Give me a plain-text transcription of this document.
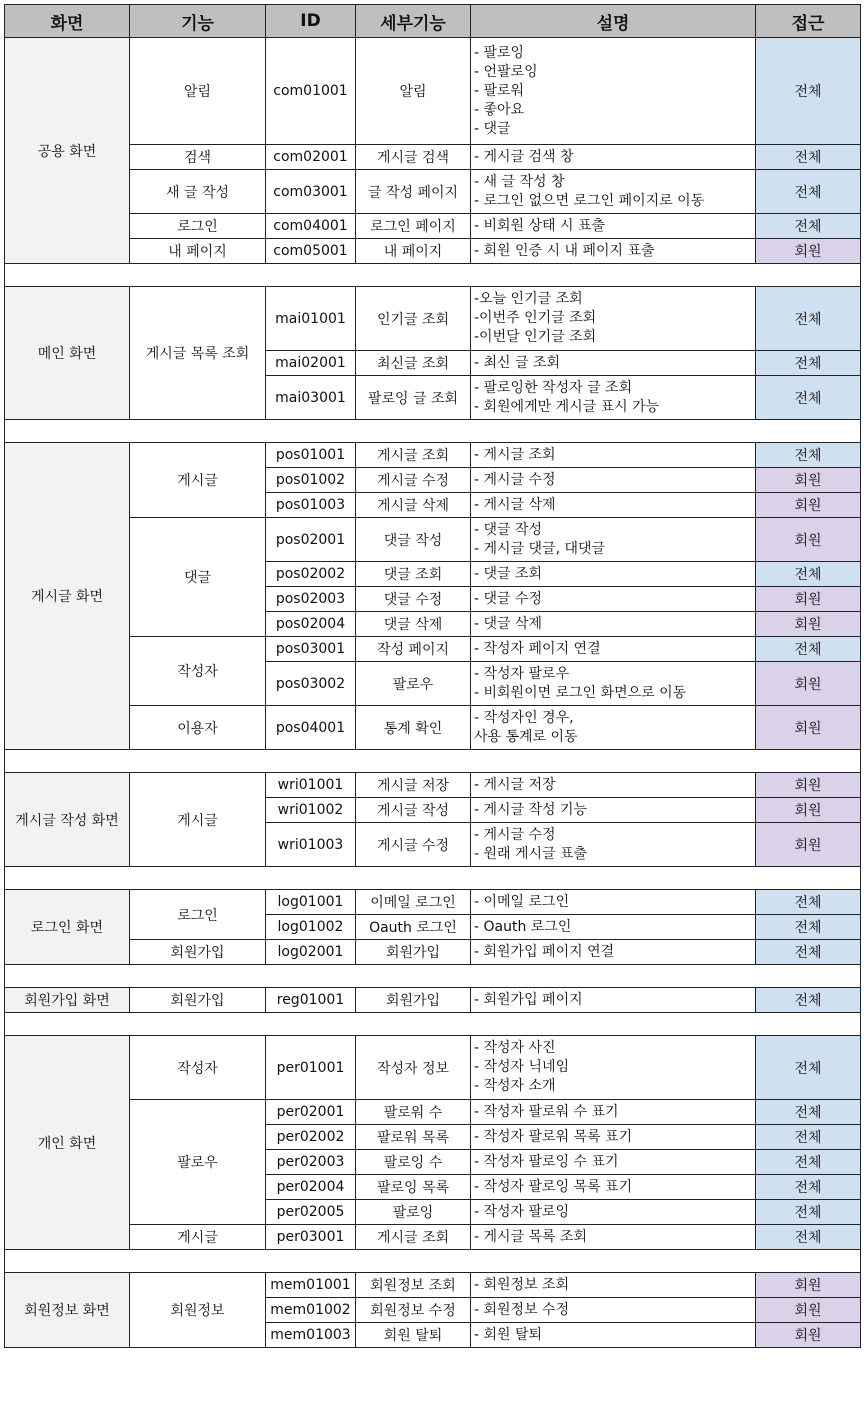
화면	기능	ID	세부기능	설명	접근
공용 화면	알림	com01001	알림	- 팔로잉
- 언팔로잉
- 팔로워
- 좋아요
- 댓글	전체
	검색	com02001	게시글 검색	- 게시글 검색 창	전체
	새 글 작성	com03001	글 작성 페이지	- 새 글 작성 창
- 로그인 없으면 로그인 페이지로 이동	전체
	로그인	com04001	로그인 페이지	- 비회원 상태 시 표출	전체
	내 페이지	com05001	내 페이지	- 회원 인증 시 내 페이지 표출	회원

메인 화면	게시글 목록 조회	mai01001	인기글 조회	-오늘 인기글 조회
-이번주 인기글 조회
-이번달 인기글 조회	전체
		mai02001	최신글 조회	- 최신 글 조회	전체
		mai03001	팔로잉 글 조회	- 팔로잉한 작성자 글 조회
- 회원에게만 게시글 표시 가능	전체

게시글 화면	게시글	pos01001	게시글 조회	- 게시글 조회	전체
		pos01002	게시글 수정	- 게시글 수정	회원
		pos01003	게시글 삭제	- 게시글 삭제	회원
	댓글	pos02001	댓글 작성	- 댓글 작성
- 게시글 댓글, 대댓글	회원
		pos02002	댓글 조회	- 댓글 조회	전체
		pos02003	댓글 수정	- 댓글 수정	회원
		pos02004	댓글 삭제	- 댓글 삭제	회원
	작성자	pos03001	작성 페이지	- 작성자 페이지 연결	전체
		pos03002	팔로우	- 작성자 팔로우
- 비회원이면 로그인 화면으로 이동	회원
	이용자	pos04001	통계 확인	- 작성자인 경우,
사용 통계로 이동	회원

게시글 작성 화면	게시글	wri01001	게시글 저장	- 게시글 저장	회원
		wri01002	게시글 작성	- 게시글 작성 기능	회원
		wri01003	게시글 수정	- 게시글 수정
- 원래 게시글 표출	회원

로그인 화면	로그인	log01001	이메일 로그인	- 이메일 로그인	전체
		log01002	Oauth 로그인	- Oauth 로그인	전체
	회원가입	log02001	회원가입	- 회원가입 페이지 연결	전체

회원가입 화면	회원가입	reg01001	회원가입	- 회원가입 페이지	전체

개인 화면	작성자	per01001	작성자 정보	- 작성자 사진
- 작성자 닉네임
- 작성자 소개	전체
	팔로우	per02001	팔로워 수	- 작성자 팔로워 수 표기	전체
		per02002	팔로워 목록	- 작성자 팔로워 목록 표기	전체
		per02003	팔로잉 수	- 작성자 팔로잉 수 표기	전체
		per02004	팔로잉 목록	- 작성자 팔로잉 목록 표기	전체
		per02005	팔로잉	- 작성자 팔로잉	전체
	게시글	per03001	게시글 조회	- 게시글 목록 조회	전체

회원정보 화면	회원정보	mem01001	회원정보 조회	- 회원정보 조회	회원
		mem01002	회원정보 수정	- 회원정보 수정	회원
		mem01003	회원 탈퇴	- 회원 탈퇴	회원
